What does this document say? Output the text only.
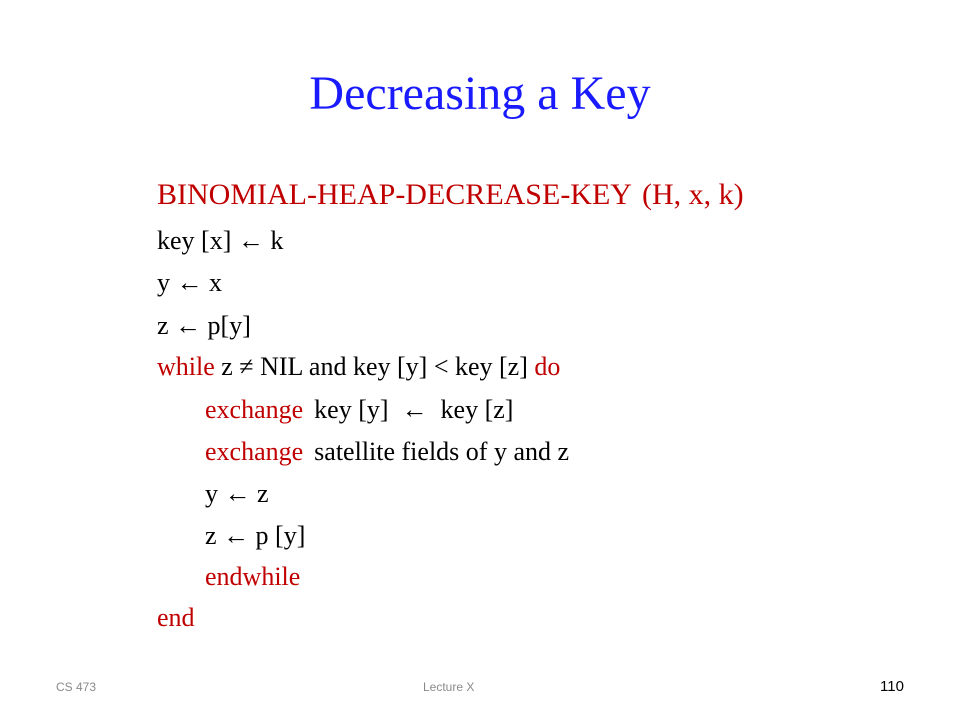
Decreasing a Key
BINOMIAL-HEAP-DECREASE-KEY (H, x, k)
key [x] ← k
y ← x
z ← p[y]
while z ≠ NIL and key [y] < key [z] do
exchange key [y]  ←  key [z]
exchange satellite fields of y and z
y ← z
z ← p [y]
endwhile
end
CS 473	Lecture X	110
